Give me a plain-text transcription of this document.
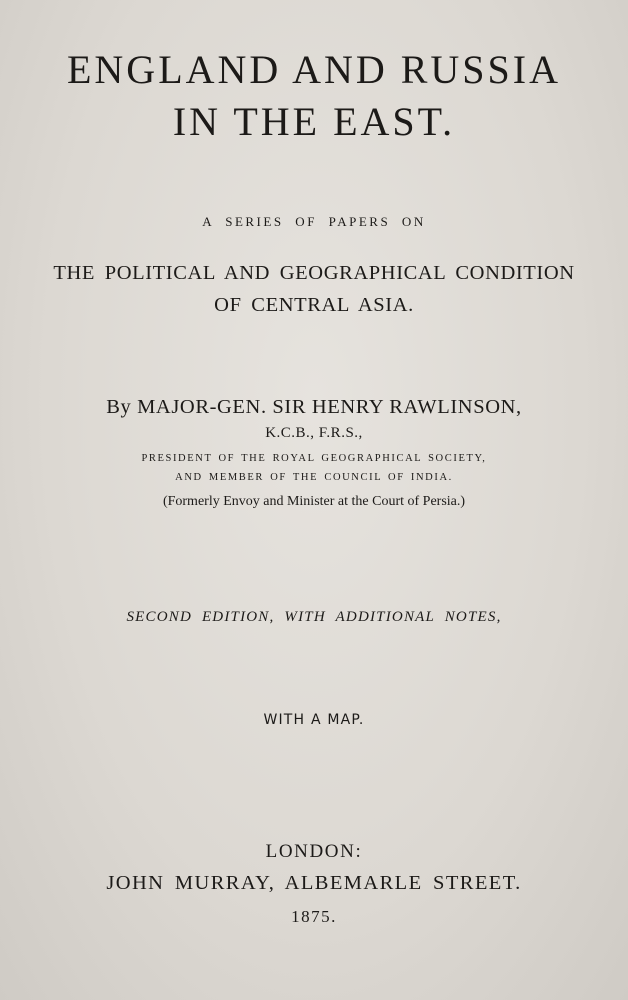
ENGLAND AND RUSSIA

IN THE EAST.

A SERIES OF PAPERS ON

THE POLITICAL AND GEOGRAPHICAL CONDITION

OF CENTRAL ASIA.

By MAJOR-GEN. SIR HENRY RAWLINSON,

K.C.B., F.R.S.,

PRESIDENT OF THE ROYAL GEOGRAPHICAL SOCIETY,

AND MEMBER OF THE COUNCIL OF INDIA.

(Formerly Envoy and Minister at the Court of Persia.)

SECOND EDITION, WITH ADDITIONAL NOTES,

WITH A MAP.

LONDON:

JOHN MURRAY, ALBEMARLE STREET.

1875.
